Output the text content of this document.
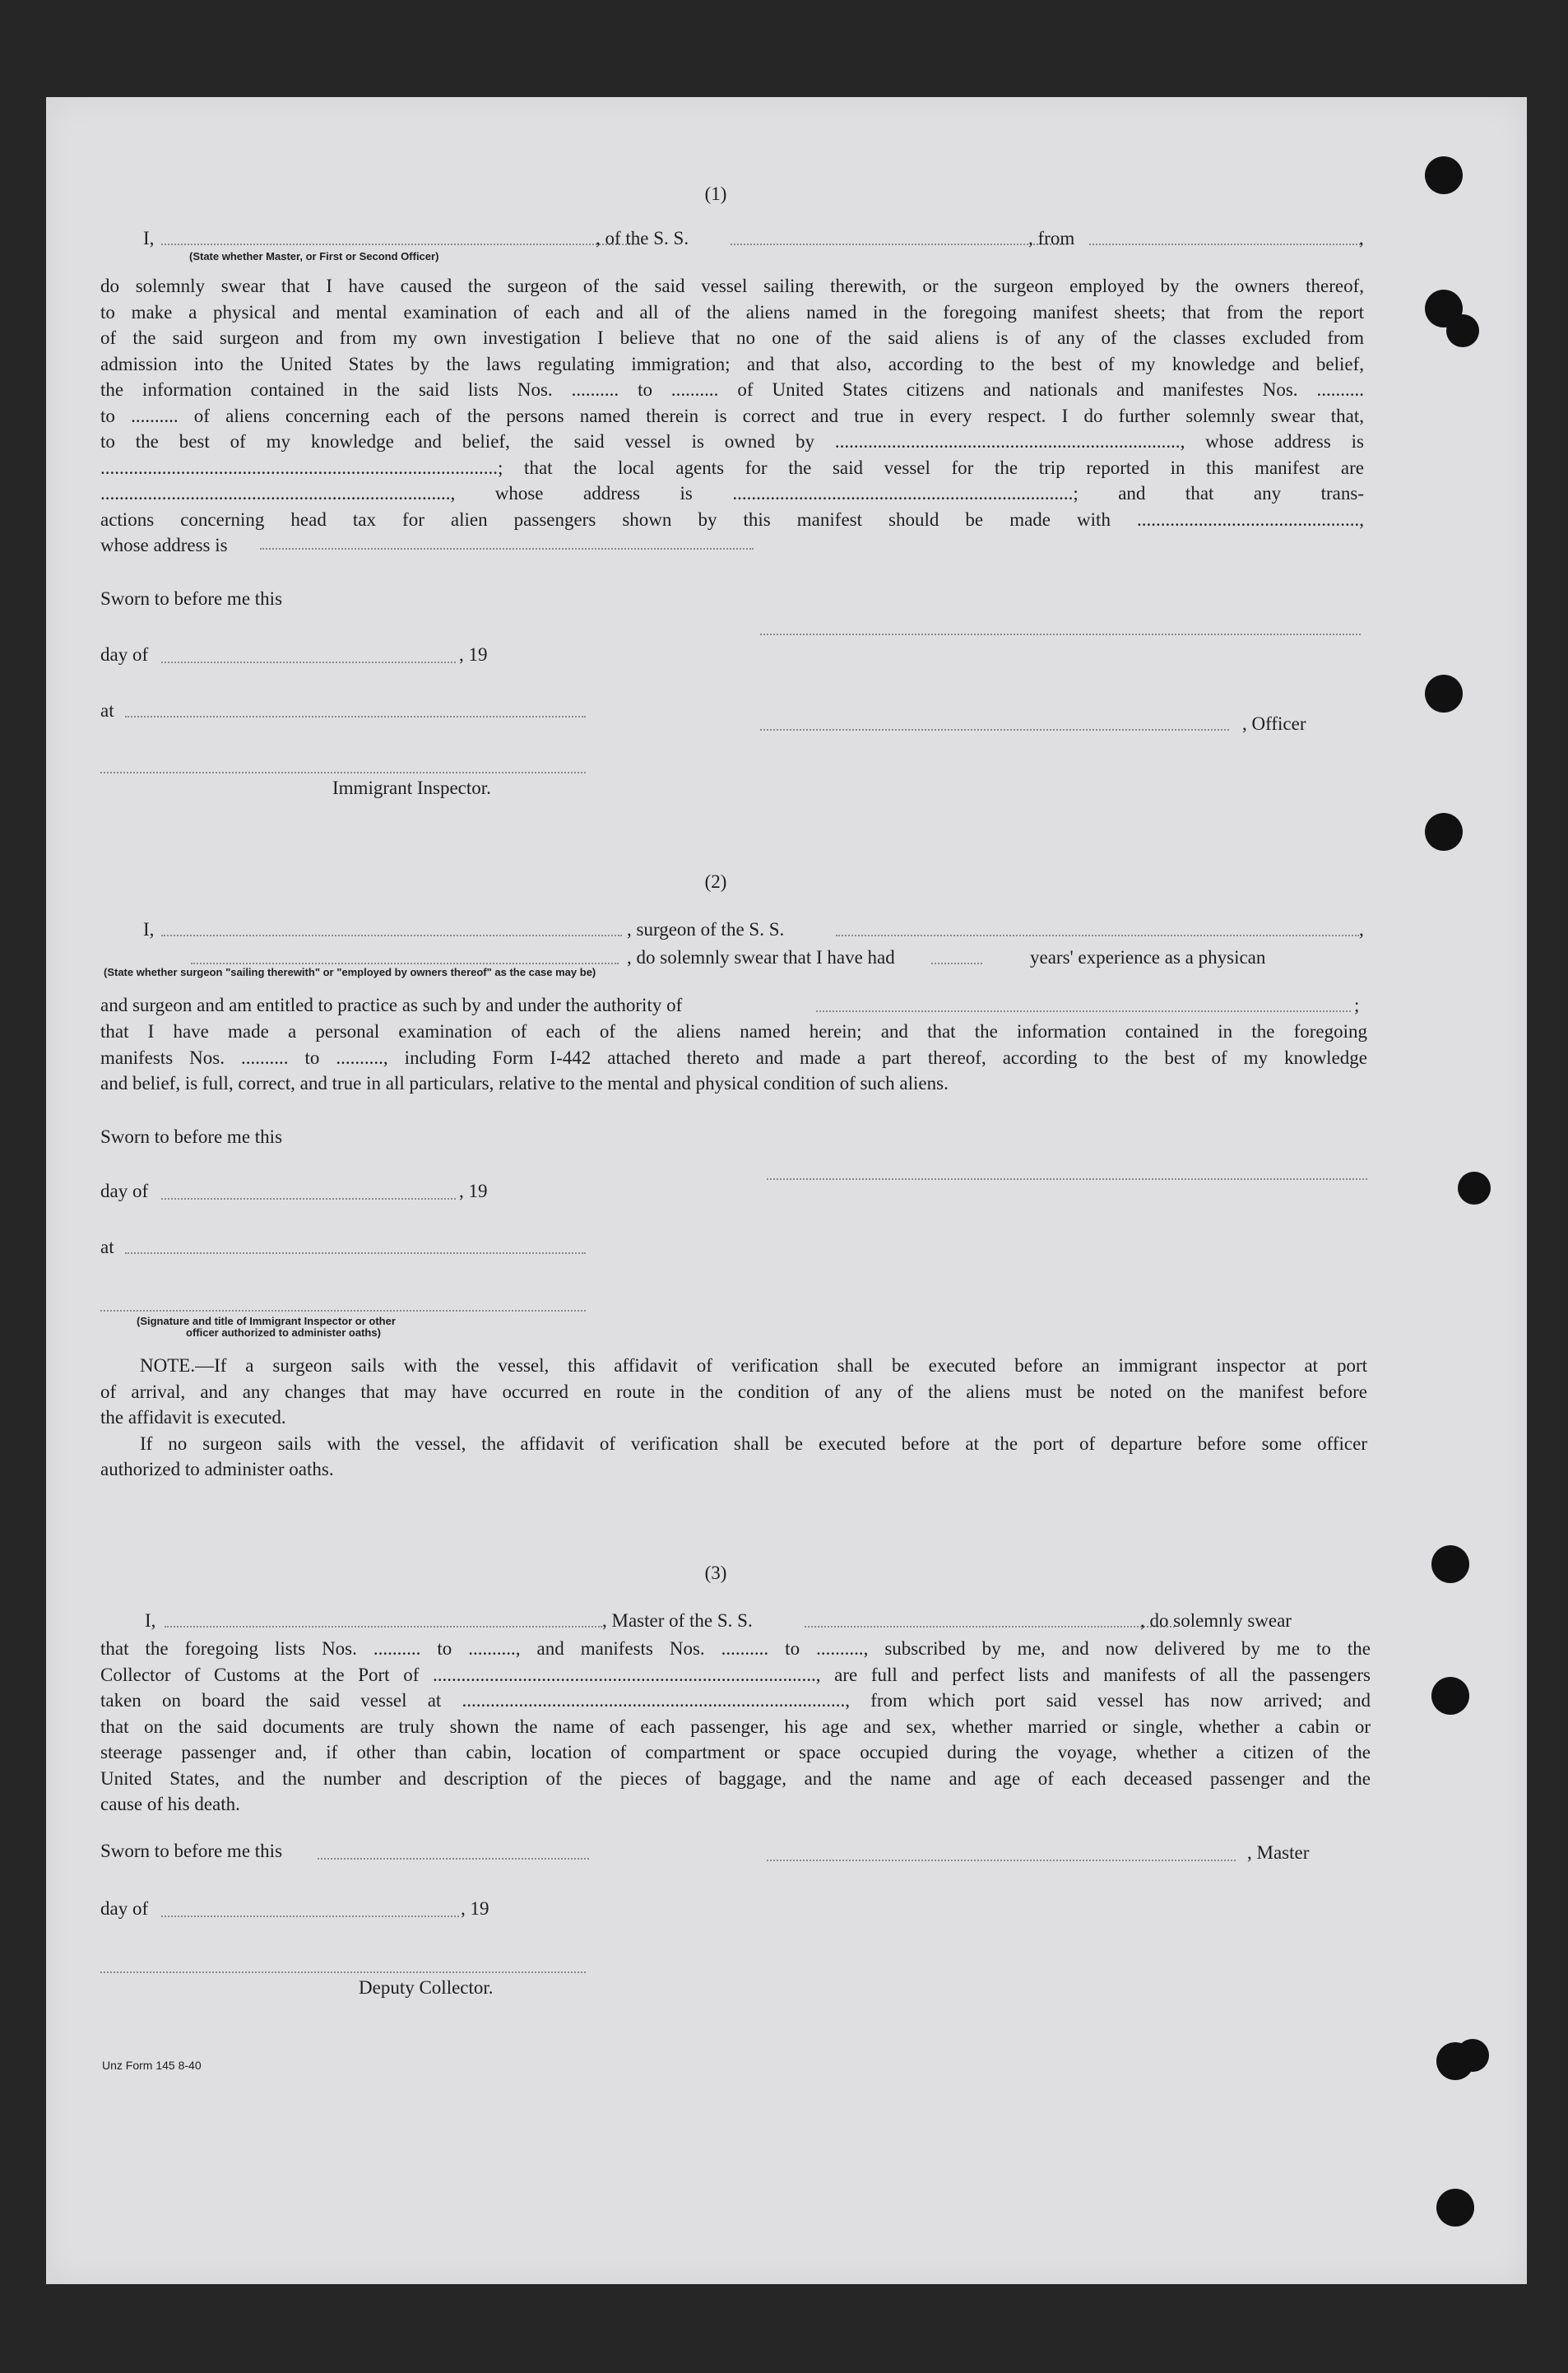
(1)
I,	, of the S. S.	, from	,
(State whether Master, or First or Second Officer)
do solemnly swear that I have caused the surgeon of the said vessel sailing therewith, or the surgeon employed by the owners thereof,
to make a physical and mental examination of each and all of the aliens named in the foregoing manifest sheets; that from the report
of the said surgeon and from my own investigation I believe that no one of the said aliens is of any of the classes excluded from
admission into the United States by the laws regulating immigration; and that also, according to the best of my knowledge and belief,
the information contained in the said lists Nos. .......... to .......... of United States citizens and nationals and manifestes Nos. ..........
to .......... of aliens concerning each of the persons named therein is correct and true in every respect. I do further solemnly swear that,
to the best of my knowledge and belief, the said vessel is owned by ........................................................................., whose address is
....................................................................................; that the local agents for the said vessel for the trip reported in this manifest are
.........................................................................., whose address is ........................................................................; and that any trans-
actions concerning head tax for alien passengers shown by this manifest should be made with ...............................................,
whose address is
Sworn to before me this
day of	, 19
at
, Officer
Immigrant Inspector.
(2)
I,	, surgeon of the S. S.	,
, do solemnly swear that I have had	years' experience as a physican
(State whether surgeon "sailing therewith" or "employed by owners thereof" as the case may be)
and surgeon and am entitled to practice as such by and under the authority of	;
that I have made a personal examination of each of the aliens named herein; and that the information contained in the foregoing
manifests Nos. .......... to .........., including Form I-442 attached thereto and made a part thereof, according to the best of my knowledge
and belief, is full, correct, and true in all particulars, relative to the mental and physical condition of such aliens.
Sworn to before me this
day of	, 19
at
(Signature and title of Immigrant Inspector or other
officer authorized to administer oaths)
NOTE.—If a surgeon sails with the vessel, this affidavit of verification shall be executed before an immigrant inspector at port
of arrival, and any changes that may have occurred en route in the condition of any of the aliens must be noted on the manifest before
the affidavit is executed.
If no surgeon sails with the vessel, the affidavit of verification shall be executed before at the port of departure before some officer
authorized to administer oaths.
(3)
I,	, Master of the S. S.	, do solemnly swear
that the foregoing lists Nos. .......... to .........., and manifests Nos. .......... to .........., subscribed by me, and now delivered by me to the
Collector of Customs at the Port of ................................................................................., are full and perfect lists and manifests of all the passengers
taken on board the said vessel at ................................................................................., from which port said vessel has now arrived; and
that on the said documents are truly shown the name of each passenger, his age and sex, whether married or single, whether a cabin or
steerage passenger and, if other than cabin, location of compartment or space occupied during the voyage, whether a citizen of the
United States, and the number and description of the pieces of baggage, and the name and age of each deceased passenger and the
cause of his death.
Sworn to before me this	, Master
day of	, 19
Deputy Collector.
Unz Form 145 8-40
